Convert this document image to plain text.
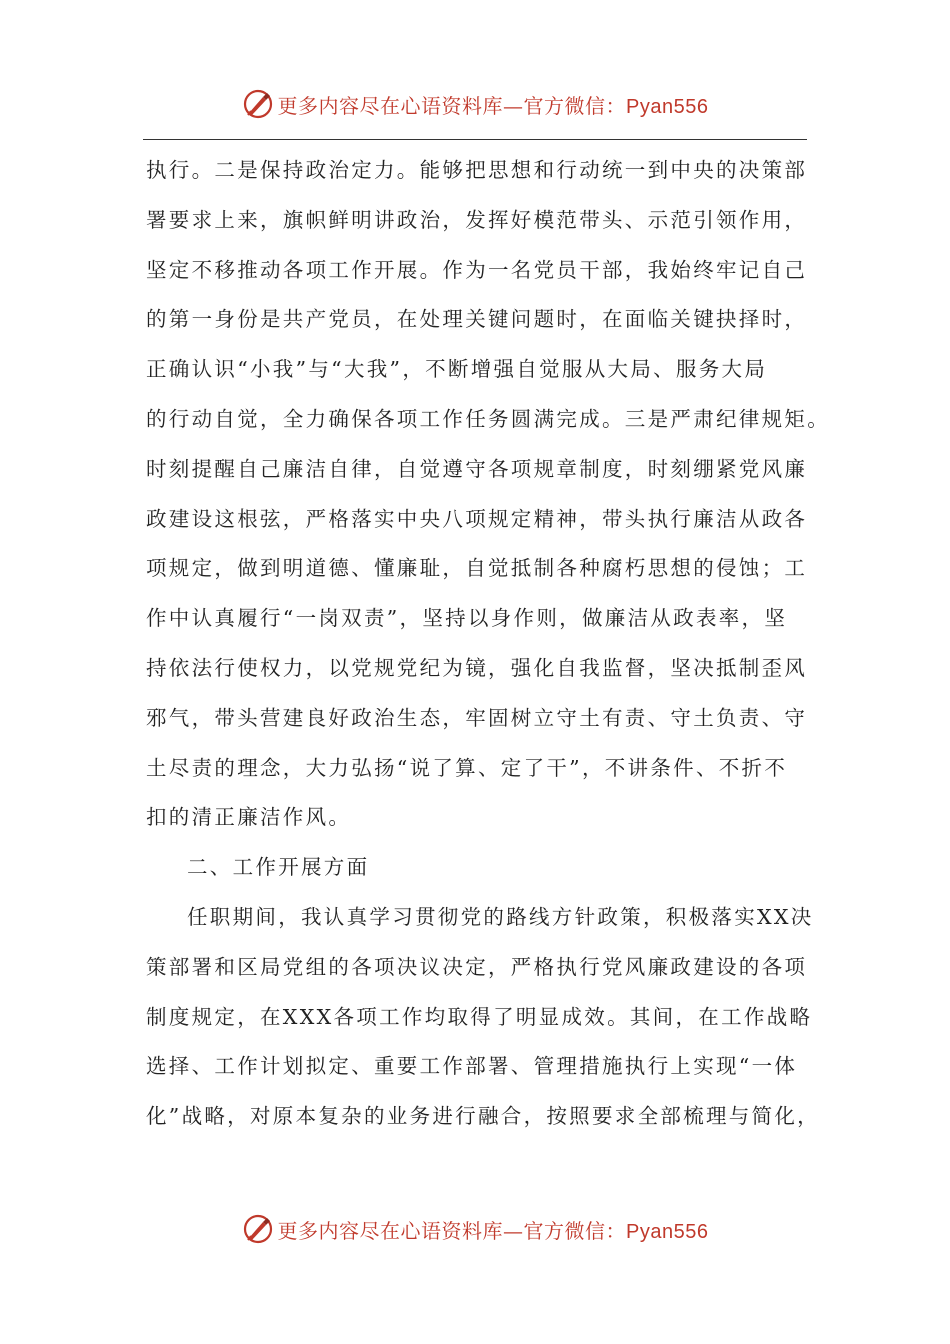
更多内容尽在心语资料库—官方微信：Pyan556
执行。二是保持政治定力。能够把思想和行动统一到中央的决策部
署要求上来，旗帜鲜明讲政治，发挥好模范带头、示范引领作用，
坚定不移推动各项工作开展。作为一名党员干部，我始终牢记自己
的第一身份是共产党员，在处理关键问题时，在面临关键抉择时，
正确认识“小我”与“大我”，不断增强自觉服从大局、服务大局
的行动自觉，全力确保各项工作任务圆满完成。三是严肃纪律规矩。
时刻提醒自己廉洁自律，自觉遵守各项规章制度，时刻绷紧党风廉
政建设这根弦，严格落实中央八项规定精神，带头执行廉洁从政各
项规定，做到明道德、懂廉耻，自觉抵制各种腐朽思想的侵蚀；工
作中认真履行“一岗双责”，坚持以身作则，做廉洁从政表率，坚
持依法行使权力，以党规党纪为镜，强化自我监督，坚决抵制歪风
邪气，带头营建良好政治生态，牢固树立守土有责、守土负责、守
土尽责的理念，大力弘扬“说了算、定了干”，不讲条件、不折不
扣的清正廉洁作风。
二、工作开展方面
任职期间，我认真学习贯彻党的路线方针政策，积极落实XX决
策部署和区局党组的各项决议决定，严格执行党风廉政建设的各项
制度规定，在XXX各项工作均取得了明显成效。其间，在工作战略
选择、工作计划拟定、重要工作部署、管理措施执行上实现“一体
化”战略，对原本复杂的业务进行融合，按照要求全部梳理与简化，
更多内容尽在心语资料库—官方微信：Pyan556
